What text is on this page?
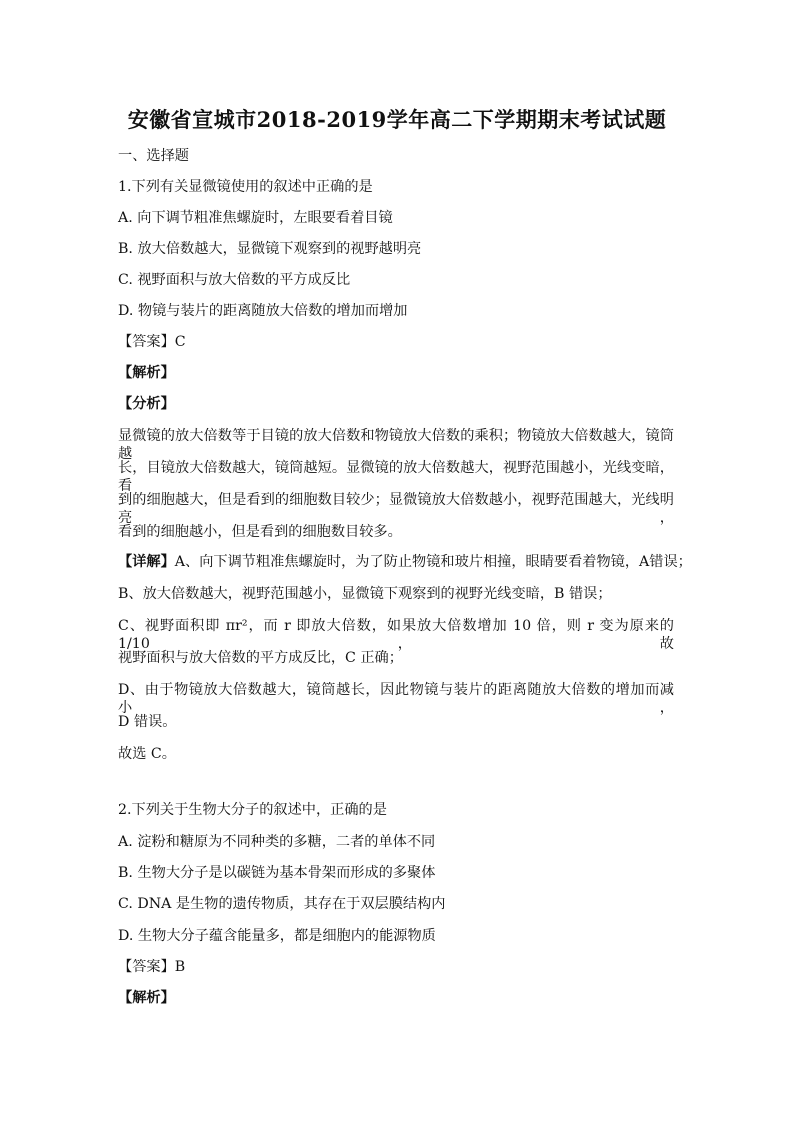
安徽省宣城市2018-2019学年高二下学期期末考试试题
一、选择题
1.下列有关显微镜使用的叙述中正确的是
A. 向下调节粗准焦螺旋时，左眼要看着目镜
B. 放大倍数越大，显微镜下观察到的视野越明亮
C. 视野面积与放大倍数的平方成反比
D. 物镜与装片的距离随放大倍数的增加而增加
【答案】C
【解析】
【分析】
显微镜的放大倍数等于目镜的放大倍数和物镜放大倍数的乘积；物镜放大倍数越大，镜筒越
长，目镜放大倍数越大，镜筒越短。显微镜的放大倍数越大，视野范围越小，光线变暗，看
到的细胞越大，但是看到的细胞数目较少；显微镜放大倍数越小，视野范围越大，光线明亮，
看到的细胞越小，但是看到的细胞数目较多。
【详解】A、向下调节粗准焦螺旋时，为了防止物镜和玻片相撞，眼睛要看着物镜，A错误；
B、放大倍数越大，视野范围越小，显微镜下观察到的视野光线变暗，B 错误；
C、视野面积即 πr²，而 r 即放大倍数，如果放大倍数增加 10 倍，则 r 变为原来的 1/10，故
视野面积与放大倍数的平方成反比，C 正确；
D、由于物镜放大倍数越大，镜筒越长，因此物镜与装片的距离随放大倍数的增加而减小，
D 错误。
故选 C。
2.下列关于生物大分子的叙述中，正确的是
A. 淀粉和糖原为不同种类的多糖，二者的单体不同
B. 生物大分子是以碳链为基本骨架而形成的多聚体
C. DNA 是生物的遗传物质，其存在于双层膜结构内
D. 生物大分子蕴含能量多，都是细胞内的能源物质
【答案】B
【解析】
